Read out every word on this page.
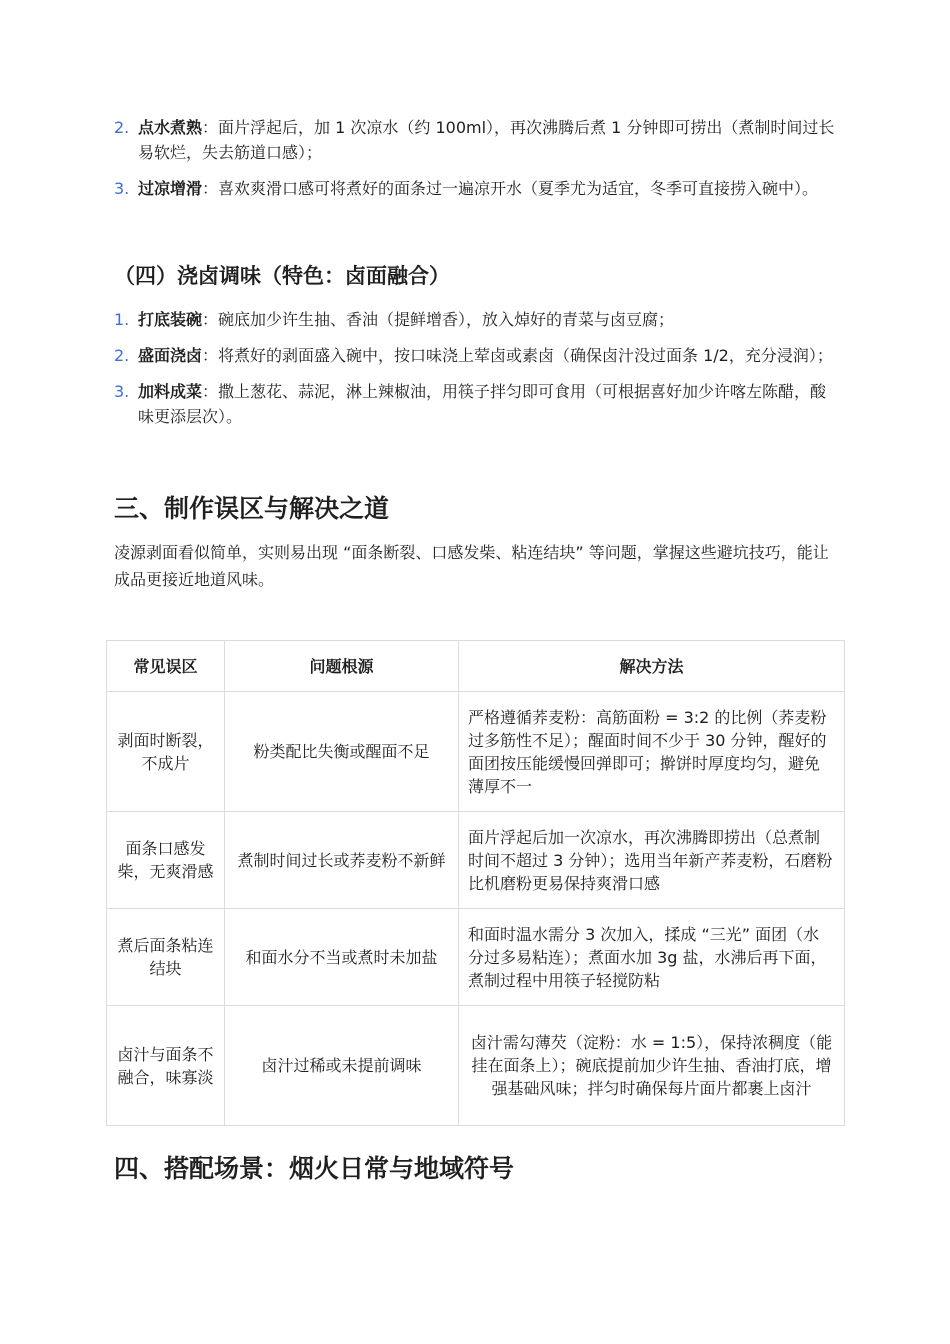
2. 点水煮熟：面片浮起后，加 1 次凉水（约 100ml），再次沸腾后煮 1 分钟即可捞出（煮制时间过长易软烂，失去筋道口感）；
3. 过凉增滑：喜欢爽滑口感可将煮好的面条过一遍凉开水（夏季尤为适宜，冬季可直接捞入碗中）。
（四）浇卤调味（特色：卤面融合）
1. 打底装碗：碗底加少许生抽、香油（提鲜增香），放入焯好的青菜与卤豆腐；
2. 盛面浇卤：将煮好的剥面盛入碗中，按口味浇上荤卤或素卤（确保卤汁没过面条 1/2，充分浸润）；
3. 加料成菜：撒上葱花、蒜泥，淋上辣椒油，用筷子拌匀即可食用（可根据喜好加少许喀左陈醋，酸味更添层次）。
三、制作误区与解决之道

凌源剥面看似简单，实则易出现 “面条断裂、口感发柴、粘连结块” 等问题，掌握这些避坑技巧，能让成品更接近地道风味。

常见误区	问题根源	解决方法
剥面时断裂，不成片	粉类配比失衡或醒面不足	严格遵循荞麦粉：高筋面粉 = 3:2 的比例（荞麦粉过多筋性不足）；醒面时间不少于 30 分钟，醒好的面团按压能缓慢回弹即可；擀饼时厚度均匀，避免薄厚不一
面条口感发柴，无爽滑感	煮制时间过长或荞麦粉不新鲜	面片浮起后加一次凉水，再次沸腾即捞出（总煮制时间不超过 3 分钟）；选用当年新产荞麦粉，石磨粉比机磨粉更易保持爽滑口感
煮后面条粘连结块	和面水分不当或煮时未加盐	和面时温水需分 3 次加入，揉成 “三光” 面团（水分过多易粘连）；煮面水加 3g 盐，水沸后再下面，煮制过程中用筷子轻搅防粘
卤汁与面条不融合，味寡淡	卤汁过稀或未提前调味	卤汁需勾薄芡（淀粉：水 = 1:5），保持浓稠度（能挂在面条上）；碗底提前加少许生抽、香油打底，增强基础风味；拌匀时确保每片面片都裹上卤汁
四、搭配场景：烟火日常与地域符号
